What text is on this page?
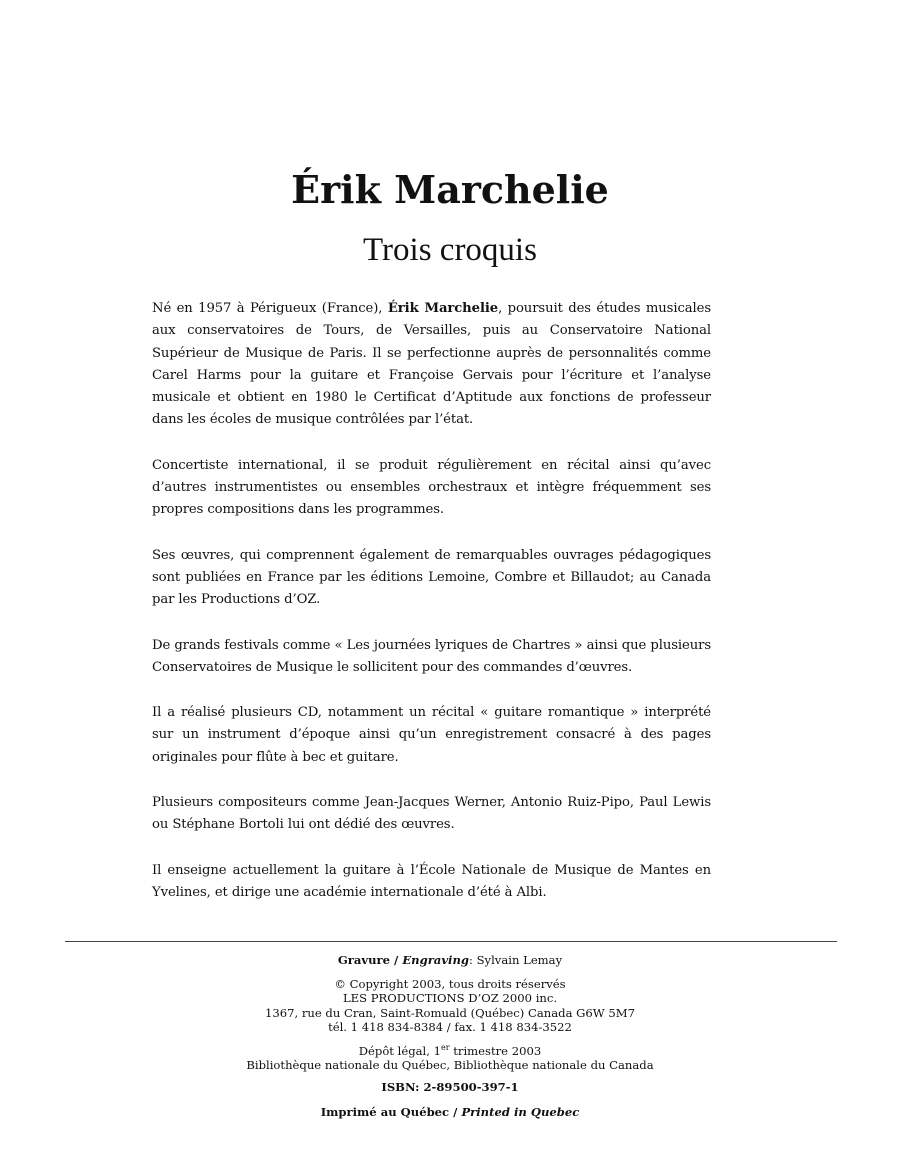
Érik Marchelie
Trois croquis

Né en 1957 à Périgueux (France), Érik Marchelie, poursuit des études musicales aux conservatoires de Tours, de Versailles, puis au Conservatoire National Supérieur de Musique de Paris. Il se perfectionne auprès de personnalités comme Carel Harms pour la guitare et Françoise Gervais pour l’écriture et l’analyse musicale et obtient en 1980 le Certificat d’Aptitude aux fonctions de professeur dans les écoles de musique contrôlées par l’état.

Concertiste international, il se produit régulièrement en récital ainsi qu’avec d’autres instrumentistes ou ensembles orchestraux et intègre fréquemment ses propres compositions dans les programmes.

Ses œuvres, qui comprennent également de remarquables ouvrages pédagogiques sont publiées en France par les éditions Lemoine, Combre et Billaudot; au Canada par les Productions d’OZ.

De grands festivals comme « Les journées lyriques de Chartres » ainsi que plusieurs Conservatoires de Musique le sollicitent pour des commandes d’œuvres.

Il a réalisé plusieurs CD, notamment un récital « guitare romantique » interprété sur un instrument d’époque ainsi qu’un enregistrement consacré à des pages originales pour flûte à bec et guitare.

Plusieurs compositeurs comme Jean-Jacques Werner, Antonio Ruiz-Pipo, Paul Lewis ou Stéphane Bortoli lui ont dédié des œuvres.

Il enseigne actuellement la guitare à l’École Nationale de Musique de Mantes en Yvelines, et dirige une académie internationale d’été à Albi.

Gravure / Engraving: Sylvain Lemay
© Copyright 2003, tous droits réservés
LES PRODUCTIONS D’OZ 2000 inc.
1367, rue du Cran, Saint-Romuald (Québec) Canada G6W 5M7
tél. 1 418 834-8384 / fax. 1 418 834-3522
Dépôt légal, 1er trimestre 2003
Bibliothèque nationale du Québec, Bibliothèque nationale du Canada
ISBN: 2-89500-397-1
Imprimé au Québec / Printed in Quebec
